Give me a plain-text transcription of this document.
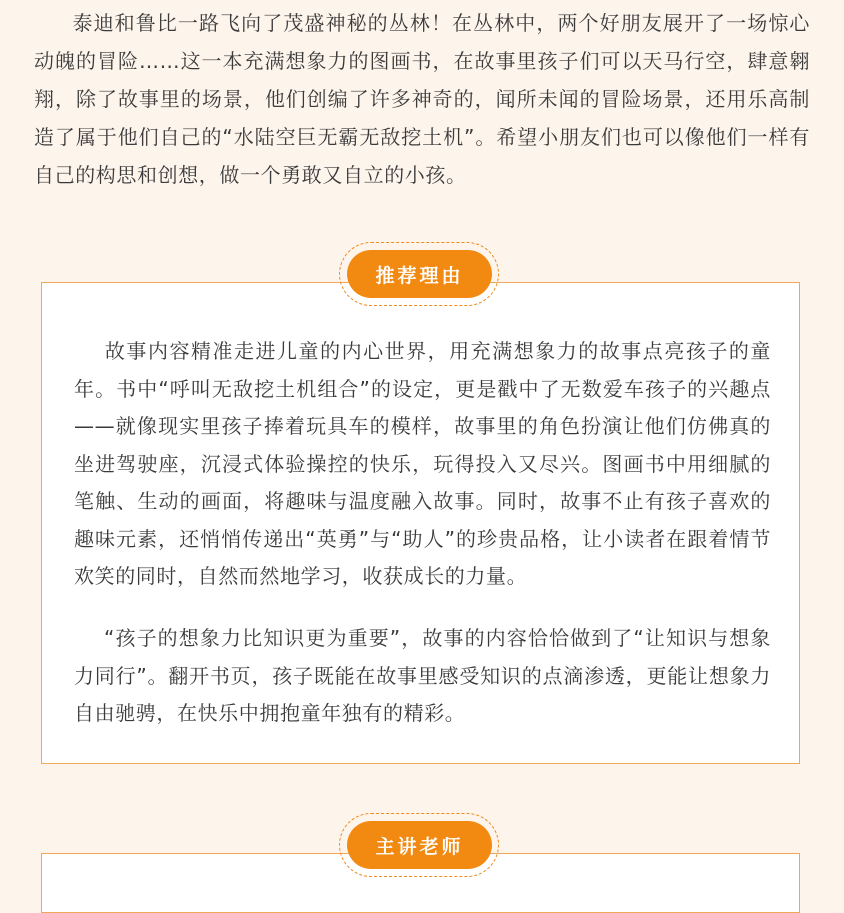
泰迪和鲁比一路飞向了茂盛神秘的丛林！在丛林中，两个好朋友展开了一场惊心动魄的冒险……这一本充满想象力的图画书，在故事里孩子们可以天马行空，肆意翱翔，除了故事里的场景，他们创编了许多神奇的，闻所未闻的冒险场景，还用乐高制造了属于他们自己的“水陆空巨无霸无敌挖土机”。希望小朋友们也可以像他们一样有自己的构思和创想，做一个勇敢又自立的小孩。

故事内容精准走进儿童的内心世界，用充满想象力的故事点亮孩子的童年。书中“呼叫无敌挖土机组合”的设定，更是戳中了无数爱车孩子的兴趣点——就像现实里孩子捧着玩具车的模样，故事里的角色扮演让他们仿佛真的坐进驾驶座，沉浸式体验操控的快乐，玩得投入又尽兴。图画书中用细腻的笔触、生动的画面，将趣味与温度融入故事。同时，故事不止有孩子喜欢的趣味元素，还悄悄传递出“英勇”与“助人”的珍贵品格，让小读者在跟着情节欢笑的同时，自然而然地学习，收获成长的力量。

“孩子的想象力比知识更为重要”，故事的内容恰恰做到了“让知识与想象力同行”。翻开书页，孩子既能在故事里感受知识的点滴渗透，更能让想象力自由驰骋，在快乐中拥抱童年独有的精彩。

推荐理由
主讲老师
